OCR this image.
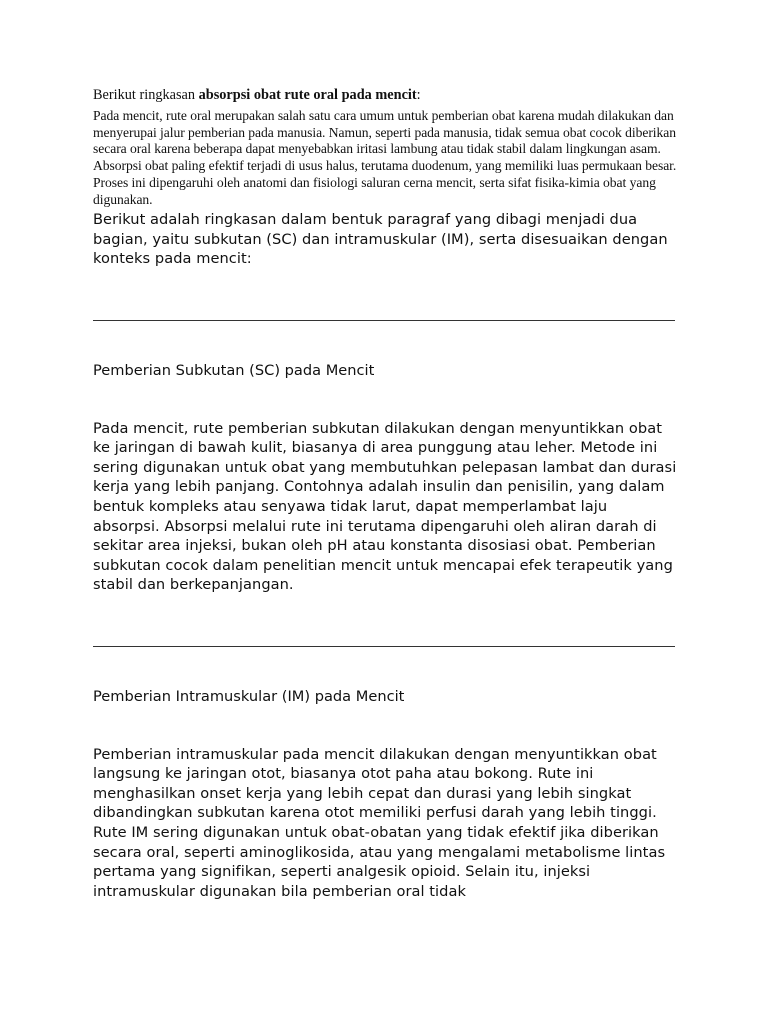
Berikut ringkasan absorpsi obat rute oral pada mencit:

Pada mencit, rute oral merupakan salah satu cara umum untuk pemberian obat karena mudah dilakukan dan menyerupai jalur pemberian pada manusia. Namun, seperti pada manusia, tidak semua obat cocok diberikan secara oral karena beberapa dapat menyebabkan iritasi lambung atau tidak stabil dalam lingkungan asam. Absorpsi obat paling efektif terjadi di usus halus, terutama duodenum, yang memiliki luas permukaan besar. Proses ini dipengaruhi oleh anatomi dan fisiologi saluran cerna mencit, serta sifat fisika-kimia obat yang digunakan.

Berikut adalah ringkasan dalam bentuk paragraf yang dibagi menjadi dua bagian, yaitu subkutan (SC) dan intramuskular (IM), serta disesuaikan dengan konteks pada mencit:

Pemberian Subkutan (SC) pada Mencit

Pada mencit, rute pemberian subkutan dilakukan dengan menyuntikkan obat ke jaringan di bawah kulit, biasanya di area punggung atau leher. Metode ini sering digunakan untuk obat yang membutuhkan pelepasan lambat dan durasi kerja yang lebih panjang. Contohnya adalah insulin dan penisilin, yang dalam bentuk kompleks atau senyawa tidak larut, dapat memperlambat laju absorpsi. Absorpsi melalui rute ini terutama dipengaruhi oleh aliran darah di sekitar area injeksi, bukan oleh pH atau konstanta disosiasi obat. Pemberian subkutan cocok dalam penelitian mencit untuk mencapai efek terapeutik yang stabil dan berkepanjangan.

Pemberian Intramuskular (IM) pada Mencit

Pemberian intramuskular pada mencit dilakukan dengan menyuntikkan obat langsung ke jaringan otot, biasanya otot paha atau bokong. Rute ini menghasilkan onset kerja yang lebih cepat dan durasi yang lebih singkat dibandingkan subkutan karena otot memiliki perfusi darah yang lebih tinggi. Rute IM sering digunakan untuk obat-obatan yang tidak efektif jika diberikan secara oral, seperti aminoglikosida, atau yang mengalami metabolisme lintas pertama yang signifikan, seperti analgesik opioid. Selain itu, injeksi intramuskular digunakan bila pemberian oral tidak
